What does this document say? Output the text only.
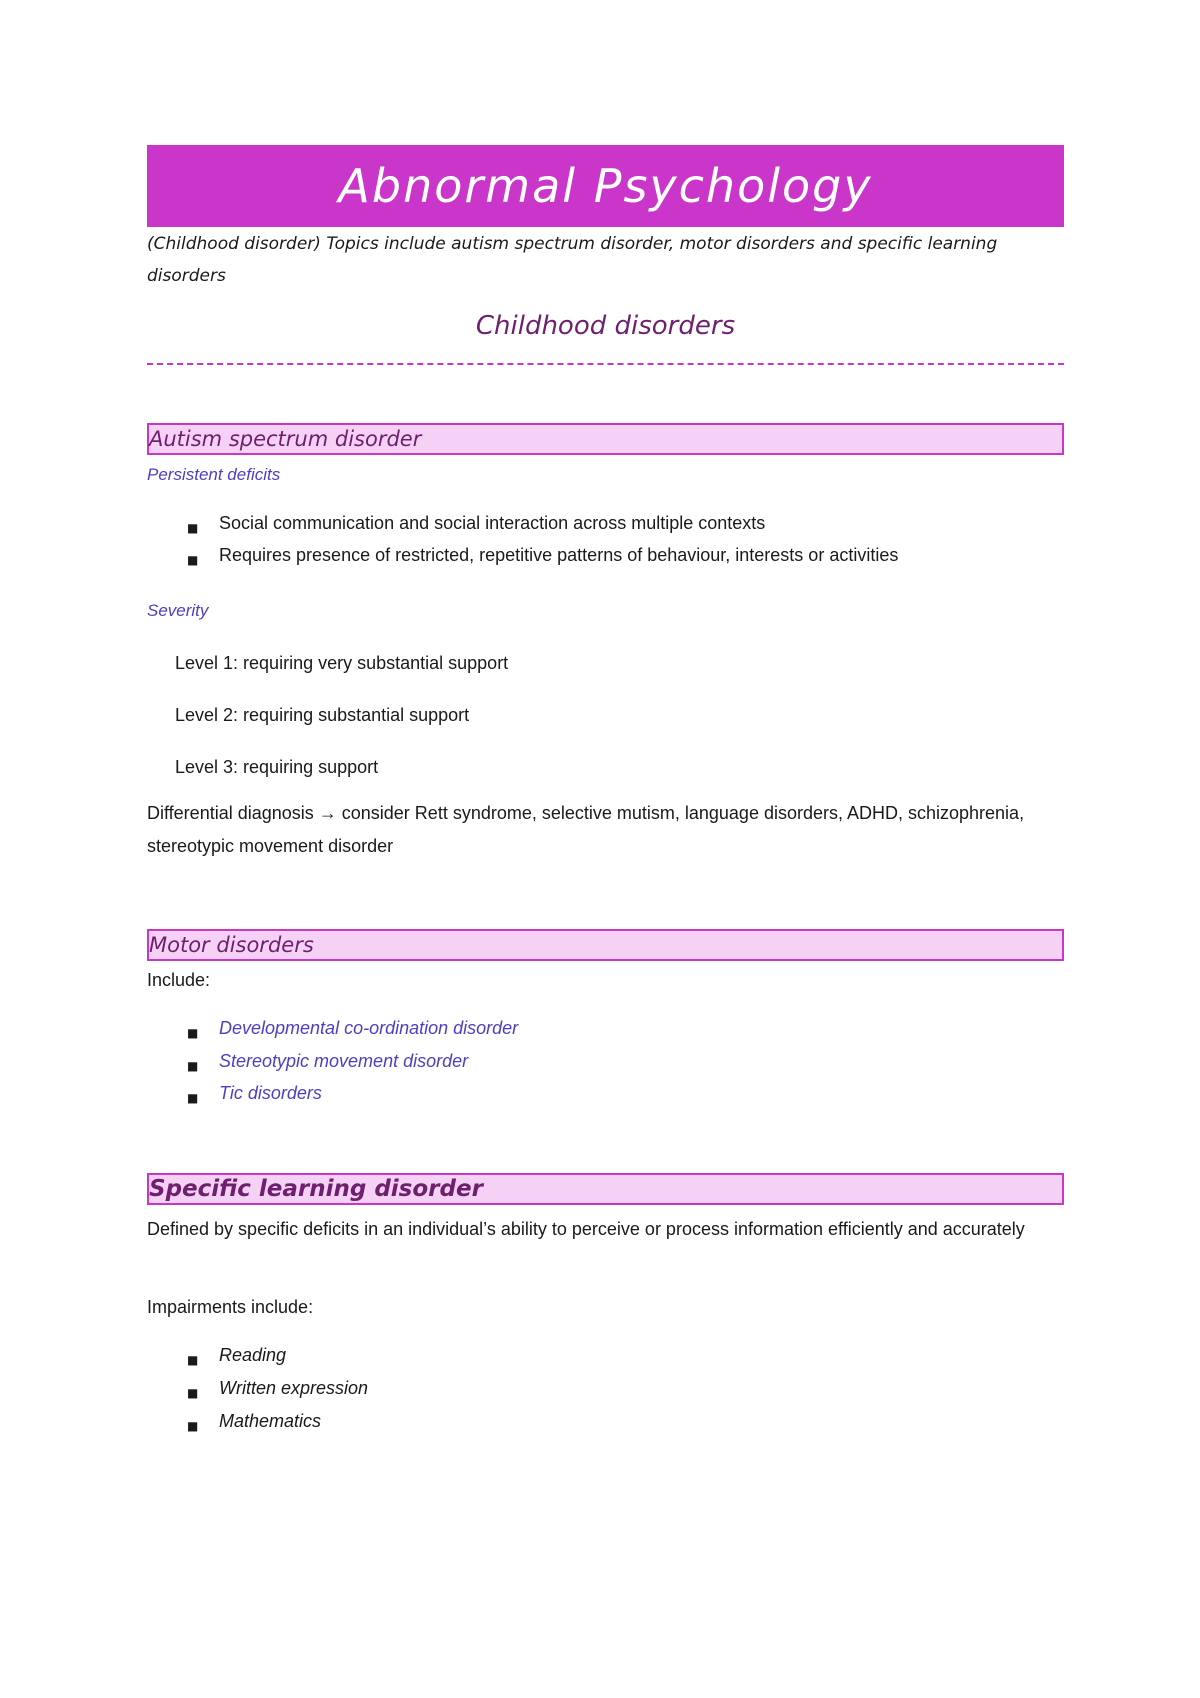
Abnormal Psychology
(Childhood disorder) Topics include autism spectrum disorder, motor disorders and specific learning disorders
Childhood disorders
Autism spectrum disorder
Persistent deficits
■ Social communication and social interaction across multiple contexts
■ Requires presence of restricted, repetitive patterns of behaviour, interests or activities
Severity
Level 1: requiring very substantial support
Level 2: requiring substantial support
Level 3: requiring support
Differential diagnosis → consider Rett syndrome, selective mutism, language disorders, ADHD, schizophrenia, stereotypic movement disorder
Motor disorders
Include:
■ Developmental co-ordination disorder
■ Stereotypic movement disorder
■ Tic disorders
Specific learning disorder
Defined by specific deficits in an individual’s ability to perceive or process information efficiently and accurately
Impairments include:
■ Reading
■ Written expression
■ Mathematics
